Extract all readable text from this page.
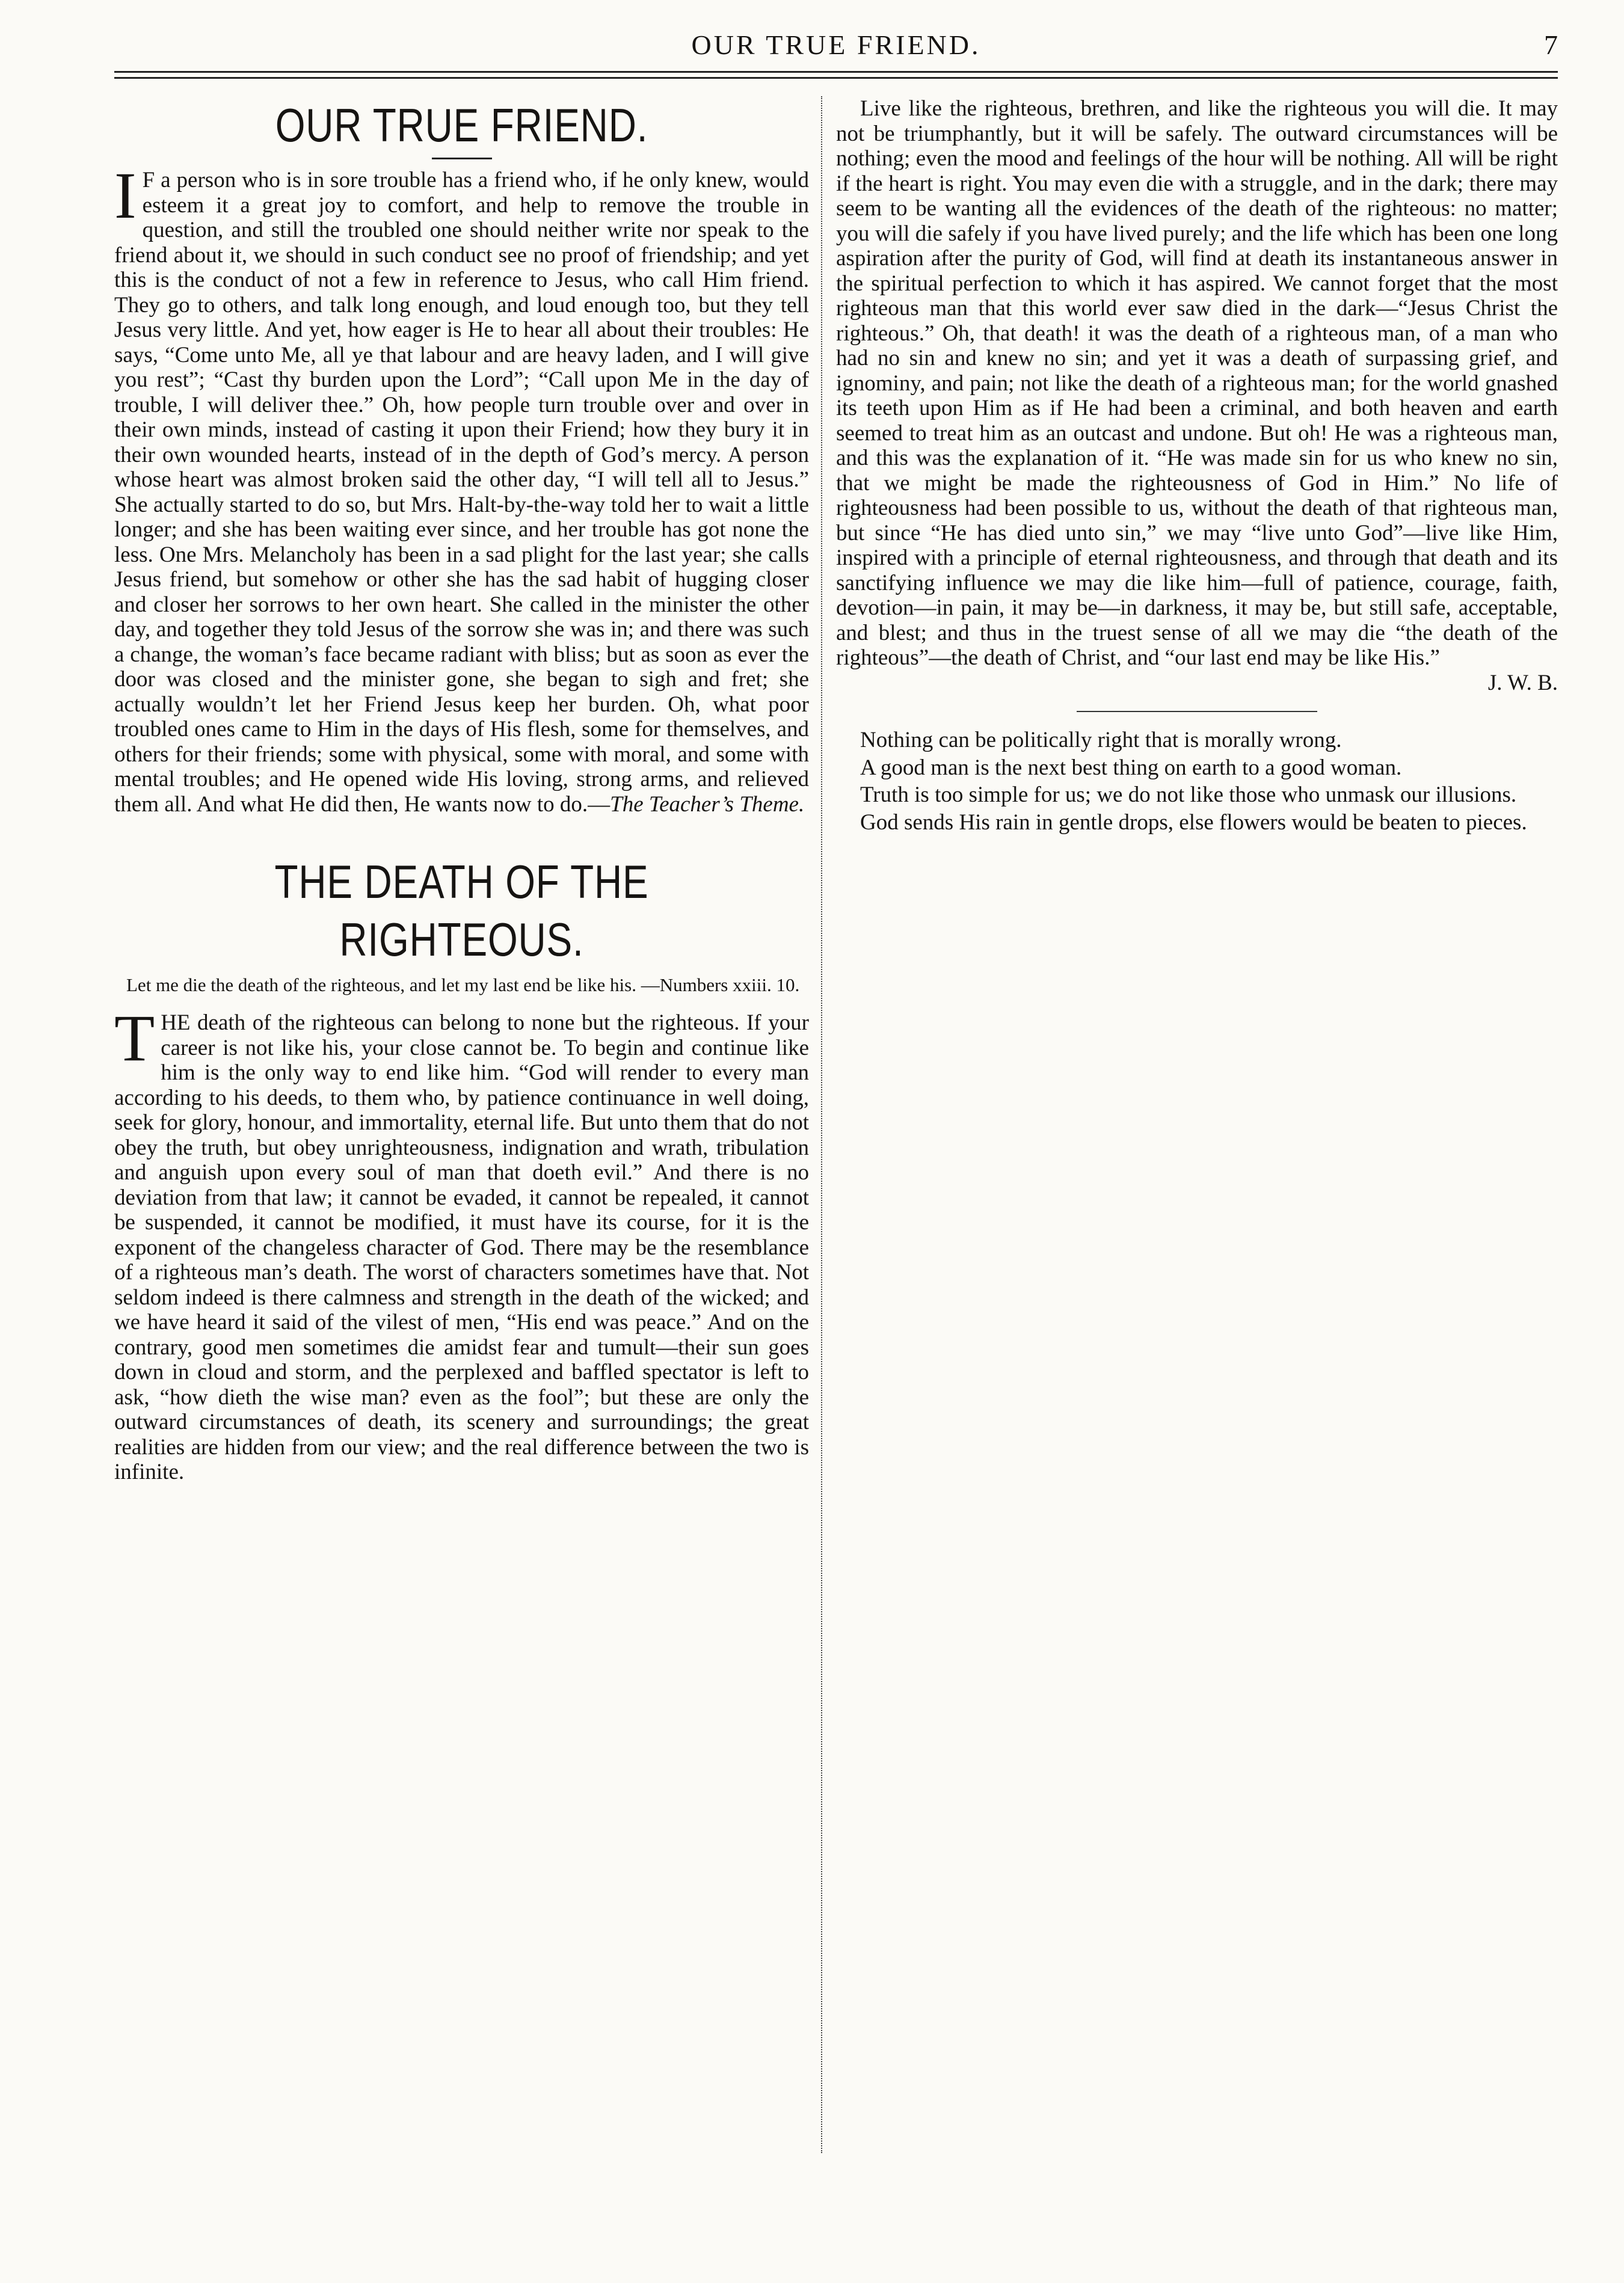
OUR TRUE FRIEND.	7
OUR TRUE FRIEND.

I F a person who is in sore trouble has a friend who, if he only knew, would esteem it a great joy to comfort, and help to remove the trouble in question, and still the troubled one should neither write nor speak to the friend about it, we should in such conduct see no proof of friendship; and yet this is the conduct of not a few in reference to Jesus, who call Him friend. They go to others, and talk long enough, and loud enough too, but they tell Jesus very little. And yet, how eager is He to hear all about their troubles: He says, “Come unto Me, all ye that labour and are heavy laden, and I will give you rest”; “Cast thy burden upon the Lord”; “Call upon Me in the day of trouble, I will deliver thee.” Oh, how people turn trouble over and over in their own minds, instead of casting it upon their Friend; how they bury it in their own wounded hearts, instead of in the depth of God’s mercy. A person whose heart was almost broken said the other day, “I will tell all to Jesus.” She actually started to do so, but Mrs. Halt-by-the-way told her to wait a little longer; and she has been waiting ever since, and her trouble has got none the less. One Mrs. Melancholy has been in a sad plight for the last year; she calls Jesus friend, but somehow or other she has the sad habit of hugging closer and closer her sorrows to her own heart. She called in the minister the other day, and together they told Jesus of the sorrow she was in; and there was such a change, the woman’s face became radiant with bliss; but as soon as ever the door was closed and the minister gone, she began to sigh and fret; she actually wouldn’t let her Friend Jesus keep her burden. Oh, what poor troubled ones came to Him in the days of His flesh, some for themselves, and others for their friends; some with physical, some with moral, and some with mental troubles; and He opened wide His loving, strong arms, and relieved them all. And what He did then, He wants now to do.—The Teacher’s Theme.

THE DEATH OF THE RIGHTEOUS.
Let me die the death of the righteous, and let my last end be like his. —Numbers xxiii. 10.

THE death of the righteous can belong to none but the righteous. If your career is not like his, your close cannot be. To begin and continue like him is the only way to end like him. “God will render to every man according to his deeds, to them who, by patience continuance in well doing, seek for glory, honour, and immortality, eternal life. But unto them that do not obey the truth, but obey unrighteousness, indignation and wrath, tribulation and anguish upon every soul of man that doeth evil.” And there is no deviation from that law; it cannot be evaded, it cannot be repealed, it cannot be suspended, it cannot be modified, it must have its course, for it is the exponent of the changeless character of God. There may be the resemblance of a righteous man’s death. The worst of characters sometimes have that. Not seldom indeed is there calmness and strength in the death of the wicked; and we have heard it said of the vilest of men, “His end was peace.” And on the contrary, good men sometimes die amidst fear and tumult—their sun goes down in cloud and storm, and the perplexed and baffled spectator is left to ask, “how dieth the wise man? even as the fool”; but these are only the outward circumstances of death, its scenery and surroundings; the great realities are hidden from our view; and the real difference between the two is infinite.

Live like the righteous, brethren, and like the righteous you will die. It may not be triumphantly, but it will be safely. The outward circumstances will be nothing; even the mood and feelings of the hour will be nothing. All will be right if the heart is right. You may even die with a struggle, and in the dark; there may seem to be wanting all the evidences of the death of the righteous: no matter; you will die safely if you have lived purely; and the life which has been one long aspiration after the purity of God, will find at death its instantaneous answer in the spiritual perfection to which it has aspired. We cannot forget that the most righteous man that this world ever saw died in the dark—“Jesus Christ the righteous.” Oh, that death! it was the death of a righteous man, of a man who had no sin and knew no sin; and yet it was a death of surpassing grief, and ignominy, and pain; not like the death of a righteous man; for the world gnashed its teeth upon Him as if He had been a criminal, and both heaven and earth seemed to treat him as an outcast and undone. But oh! He was a righteous man, and this was the explanation of it. “He was made sin for us who knew no sin, that we might be made the righteousness of God in Him.” No life of righteousness had been possible to us, without the death of that righteous man, but since “He has died unto sin,” we may “live unto God”—live like Him, inspired with a principle of eternal righteousness, and through that death and its sanctifying influence we may die like him—full of patience, courage, faith, devotion—in pain, it may be—in darkness, it may be, but still safe, acceptable, and blest; and thus in the truest sense of all we may die “the death of the righteous”—the death of Christ, and “our last end may be like His.”

J. W. B.

Nothing can be politically right that is morally wrong.

A good man is the next best thing on earth to a good woman.

Truth is too simple for us; we do not like those who unmask our illusions.

God sends His rain in gentle drops, else flowers would be beaten to pieces.
